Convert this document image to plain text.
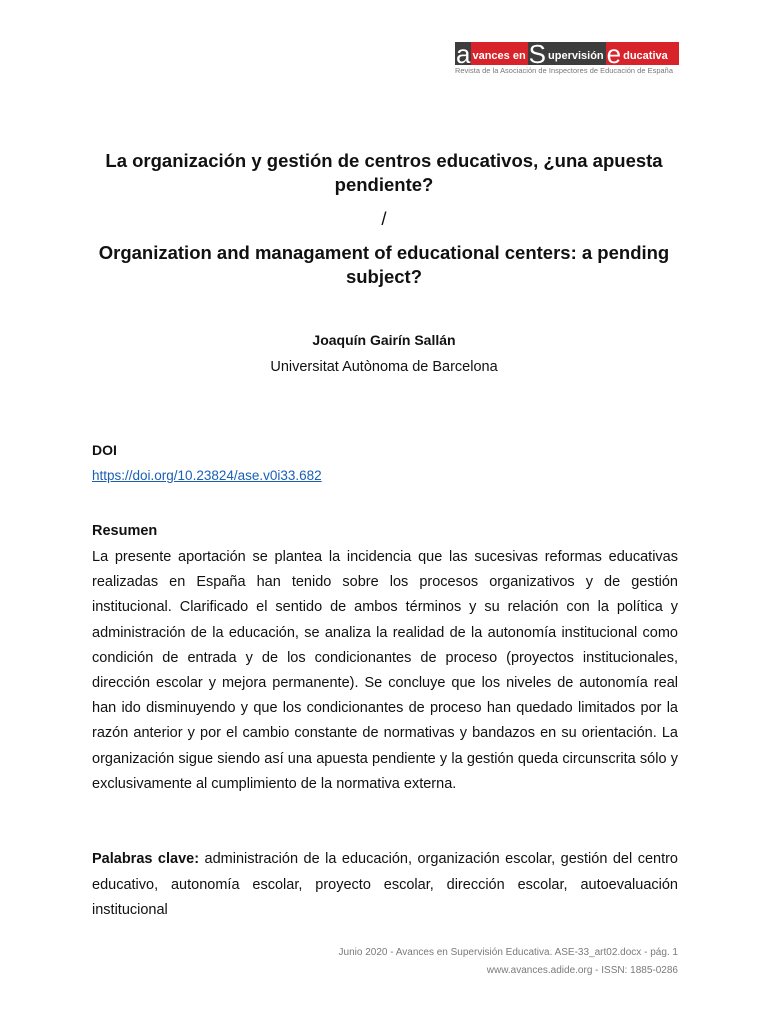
a vances en S upervisión e ducativa
Revista de la Asociación de Inspectores de Educación de España
La organización y gestión de centros educativos, ¿una apuesta pendiente?
/
Organization and managament of educational centers: a pending subject?
Joaquín Gairín Sallán
Universitat Autònoma de Barcelona
DOI
https://doi.org/10.23824/ase.v0i33.682
Resumen

La presente aportación se plantea la incidencia que las sucesivas reformas educativas realizadas en España han tenido sobre los procesos organizativos y de gestión institucional. Clarificado el sentido de ambos términos y su relación con la política y administración de la educación, se analiza la realidad de la autonomía institucional como condición de entrada y de los condicionantes de proceso (proyectos institucionales, dirección escolar y mejora permanente). Se concluye que los niveles de autonomía real han ido disminuyendo y que los condicionantes de proceso han quedado limitados por la razón anterior y por el cambio constante de normativas y bandazos en su orientación. La organización sigue siendo así una apuesta pendiente y la gestión queda circunscrita sólo y exclusivamente al cumplimiento de la normativa externa.

Palabras clave: administración de la educación, organización escolar, gestión del centro educativo, autonomía escolar, proyecto escolar, dirección escolar, autoevaluación institucional

Junio 2020 - Avances en Supervisión Educativa. ASE-33_art02.docx - pág. 1
www.avances.adide.org - ISSN: 1885-0286
